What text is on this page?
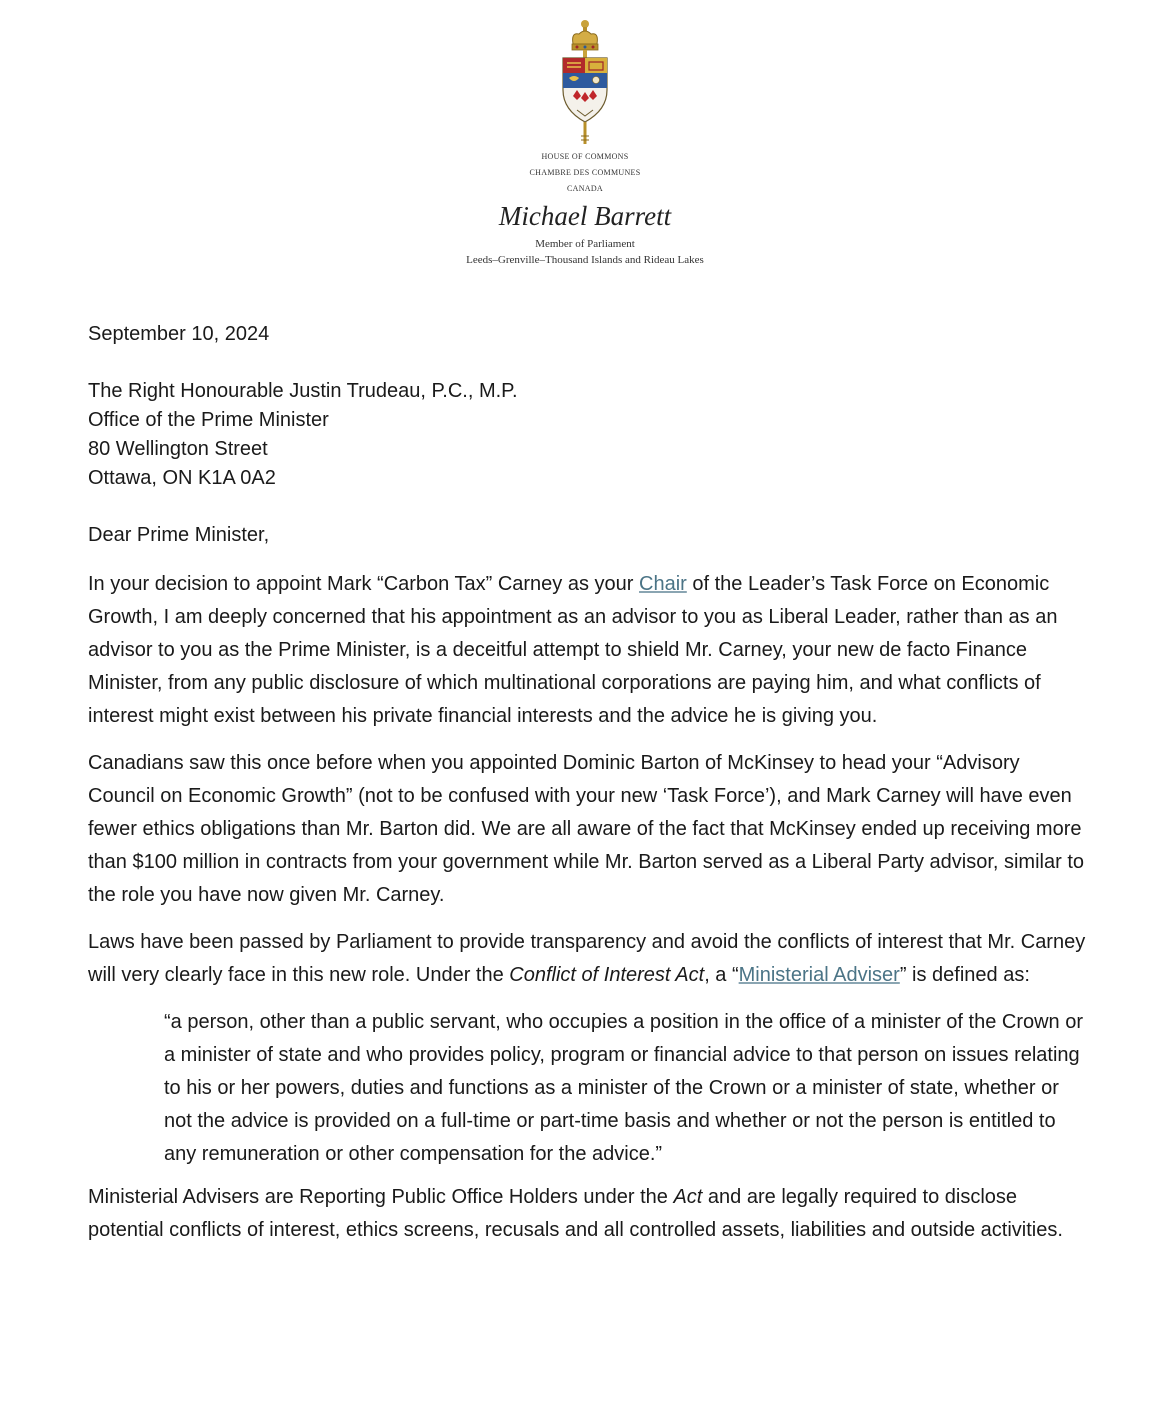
HOUSE OF COMMONS
CHAMBRE DES COMMUNES
CANADA
Michael Barrett
Member of Parliament
Leeds–Grenville–Thousand Islands and Rideau Lakes
September 10, 2024
The Right Honourable Justin Trudeau, P.C., M.P.
Office of the Prime Minister
80 Wellington Street
Ottawa, ON K1A 0A2
Dear Prime Minister,

In your decision to appoint Mark “Carbon Tax” Carney as your Chair of the Leader’s Task Force on Economic Growth, I am deeply concerned that his appointment as an advisor to you as Liberal Leader, rather than as an advisor to you as the Prime Minister, is a deceitful attempt to shield Mr. Carney, your new de facto Finance Minister, from any public disclosure of which multinational corporations are paying him, and what conflicts of interest might exist between his private financial interests and the advice he is giving you.

Canadians saw this once before when you appointed Dominic Barton of McKinsey to head your “Advisory Council on Economic Growth” (not to be confused with your new ‘Task Force’), and Mark Carney will have even fewer ethics obligations than Mr. Barton did. We are all aware of the fact that McKinsey ended up receiving more than $100 million in contracts from your government while Mr. Barton served as a Liberal Party advisor, similar to the role you have now given Mr. Carney.

Laws have been passed by Parliament to provide transparency and avoid the conflicts of interest that Mr. Carney will very clearly face in this new role. Under the Conflict of Interest Act, a “Ministerial Adviser” is defined as:

“a person, other than a public servant, who occupies a position in the office of a minister of the Crown or a minister of state and who provides policy, program or financial advice to that person on issues relating to his or her powers, duties and functions as a minister of the Crown or a minister of state, whether or not the advice is provided on a full-time or part-time basis and whether or not the person is entitled to any remuneration or other compensation for the advice.”

Ministerial Advisers are Reporting Public Office Holders under the Act and are legally required to disclose potential conflicts of interest, ethics screens, recusals and all controlled assets, liabilities and outside activities.
